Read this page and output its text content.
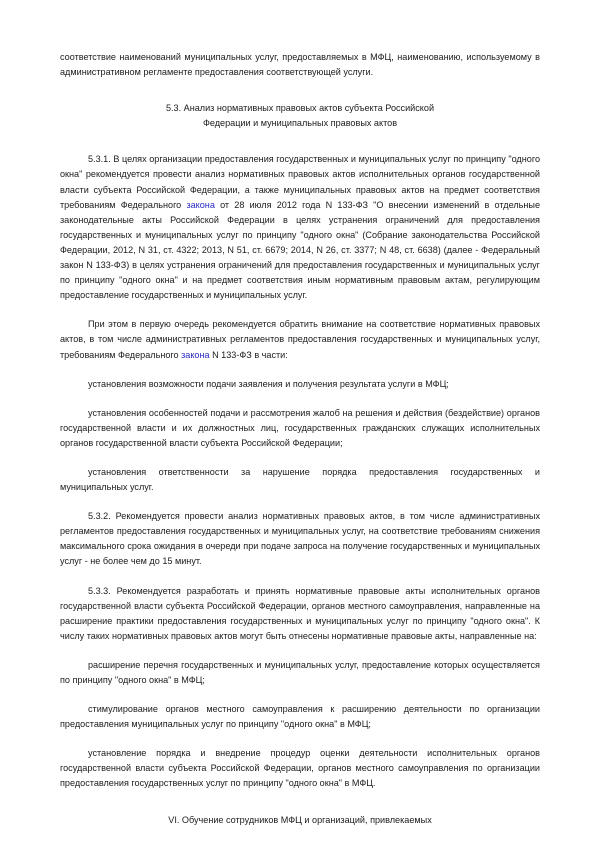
соответствие наименований муниципальных услуг, предоставляемых в МФЦ, наименованию, используемому в административном регламенте предоставления соответствующей услуги.

5.3. Анализ нормативных правовых актов субъекта Российской
Федерации и муниципальных правовых актов

5.3.1. В целях организации предоставления государственных и муниципальных услуг по принципу "одного окна" рекомендуется провести анализ нормативных правовых актов исполнительных органов государственной власти субъекта Российской Федерации, а также муниципальных правовых актов на предмет соответствия требованиям Федерального закона от 28 июля 2012 года N 133-ФЗ "О внесении изменений в отдельные законодательные акты Российской Федерации в целях устранения ограничений для предоставления государственных и муниципальных услуг по принципу "одного окна" (Собрание законодательства Российской Федерации, 2012, N 31, ст. 4322; 2013, N 51, ст. 6679; 2014, N 26, ст. 3377; N 48, ст. 6638) (далее - Федеральный закон N 133-ФЗ) в целях устранения ограничений для предоставления государственных и муниципальных услуг по принципу "одного окна" и на предмет соответствия иным нормативным правовым актам, регулирующим предоставление государственных и муниципальных услуг.

При этом в первую очередь рекомендуется обратить внимание на соответствие нормативных правовых актов, в том числе административных регламентов предоставления государственных и муниципальных услуг, требованиям Федерального закона N 133-ФЗ в части:

установления возможности подачи заявления и получения результата услуги в МФЦ;

установления особенностей подачи и рассмотрения жалоб на решения и действия (бездействие) органов государственной власти и их должностных лиц, государственных гражданских служащих исполнительных органов государственной власти субъекта Российской Федерации;

установления ответственности за нарушение порядка предоставления государственных и муниципальных услуг.

5.3.2. Рекомендуется провести анализ нормативных правовых актов, в том числе административных регламентов предоставления государственных и муниципальных услуг, на соответствие требованиям снижения максимального срока ожидания в очереди при подаче запроса на получение государственных и муниципальных услуг - не более чем до 15 минут.

5.3.3. Рекомендуется разработать и принять нормативные правовые акты исполнительных органов государственной власти субъекта Российской Федерации, органов местного самоуправления, направленные на расширение практики предоставления государственных и муниципальных услуг по принципу "одного окна". К числу таких нормативных правовых актов могут быть отнесены нормативные правовые акты, направленные на:

расширение перечня государственных и муниципальных услуг, предоставление которых осуществляется по принципу "одного окна" в МФЦ;

стимулирование органов местного самоуправления к расширению деятельности по организации предоставления муниципальных услуг по принципу "одного окна" в МФЦ;

установление порядка и внедрение процедур оценки деятельности исполнительных органов государственной власти субъекта Российской Федерации, органов местного самоуправления по организации предоставления государственных услуг по принципу "одного окна" в МФЦ.

VI. Обучение сотрудников МФЦ и организаций, привлекаемых
